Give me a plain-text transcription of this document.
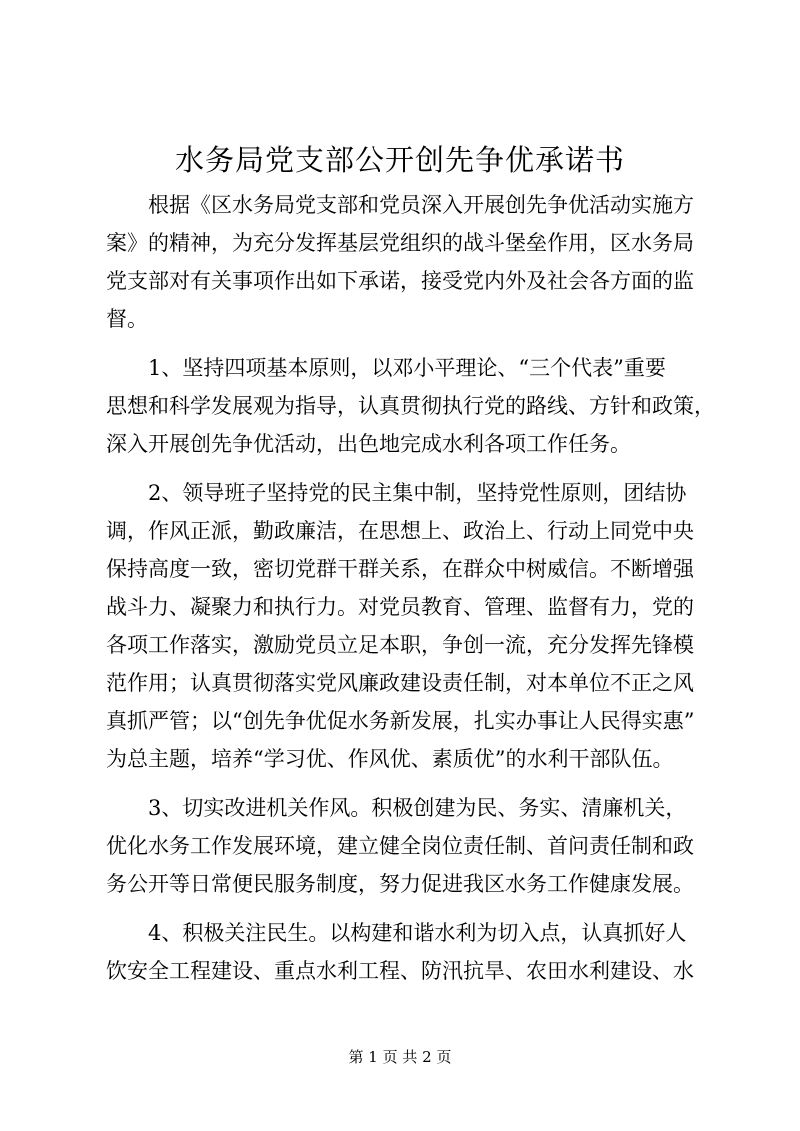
水务局党支部公开创先争优承诺书
　　根据《区水务局党支部和党员深入开展创先争优活动实施方
案》的精神，为充分发挥基层党组织的战斗堡垒作用，区水务局
党支部对有关事项作出如下承诺，接受党内外及社会各方面的监
督。
　　1、坚持四项基本原则，以邓小平理论、“三个代表”重要
思想和科学发展观为指导，认真贯彻执行党的路线、方针和政策，
深入开展创先争优活动，出色地完成水利各项工作任务。
　　2、领导班子坚持党的民主集中制，坚持党性原则，团结协
调，作风正派，勤政廉洁，在思想上、政治上、行动上同党中央
保持高度一致，密切党群干群关系，在群众中树威信。不断增强
战斗力、凝聚力和执行力。对党员教育、管理、监督有力，党的
各项工作落实，激励党员立足本职，争创一流，充分发挥先锋模
范作用；认真贯彻落实党风廉政建设责任制，对本单位不正之风
真抓严管；以“创先争优促水务新发展，扎实办事让人民得实惠”
为总主题，培养“学习优、作风优、素质优”的水利干部队伍。
　　3、切实改进机关作风。积极创建为民、务实、清廉机关，
优化水务工作发展环境，建立健全岗位责任制、首问责任制和政
务公开等日常便民服务制度，努力促进我区水务工作健康发展。
　　4、积极关注民生。以构建和谐水利为切入点，认真抓好人
饮安全工程建设、重点水利工程、防汛抗旱、农田水利建设、水
第 1 页 共 2 页
